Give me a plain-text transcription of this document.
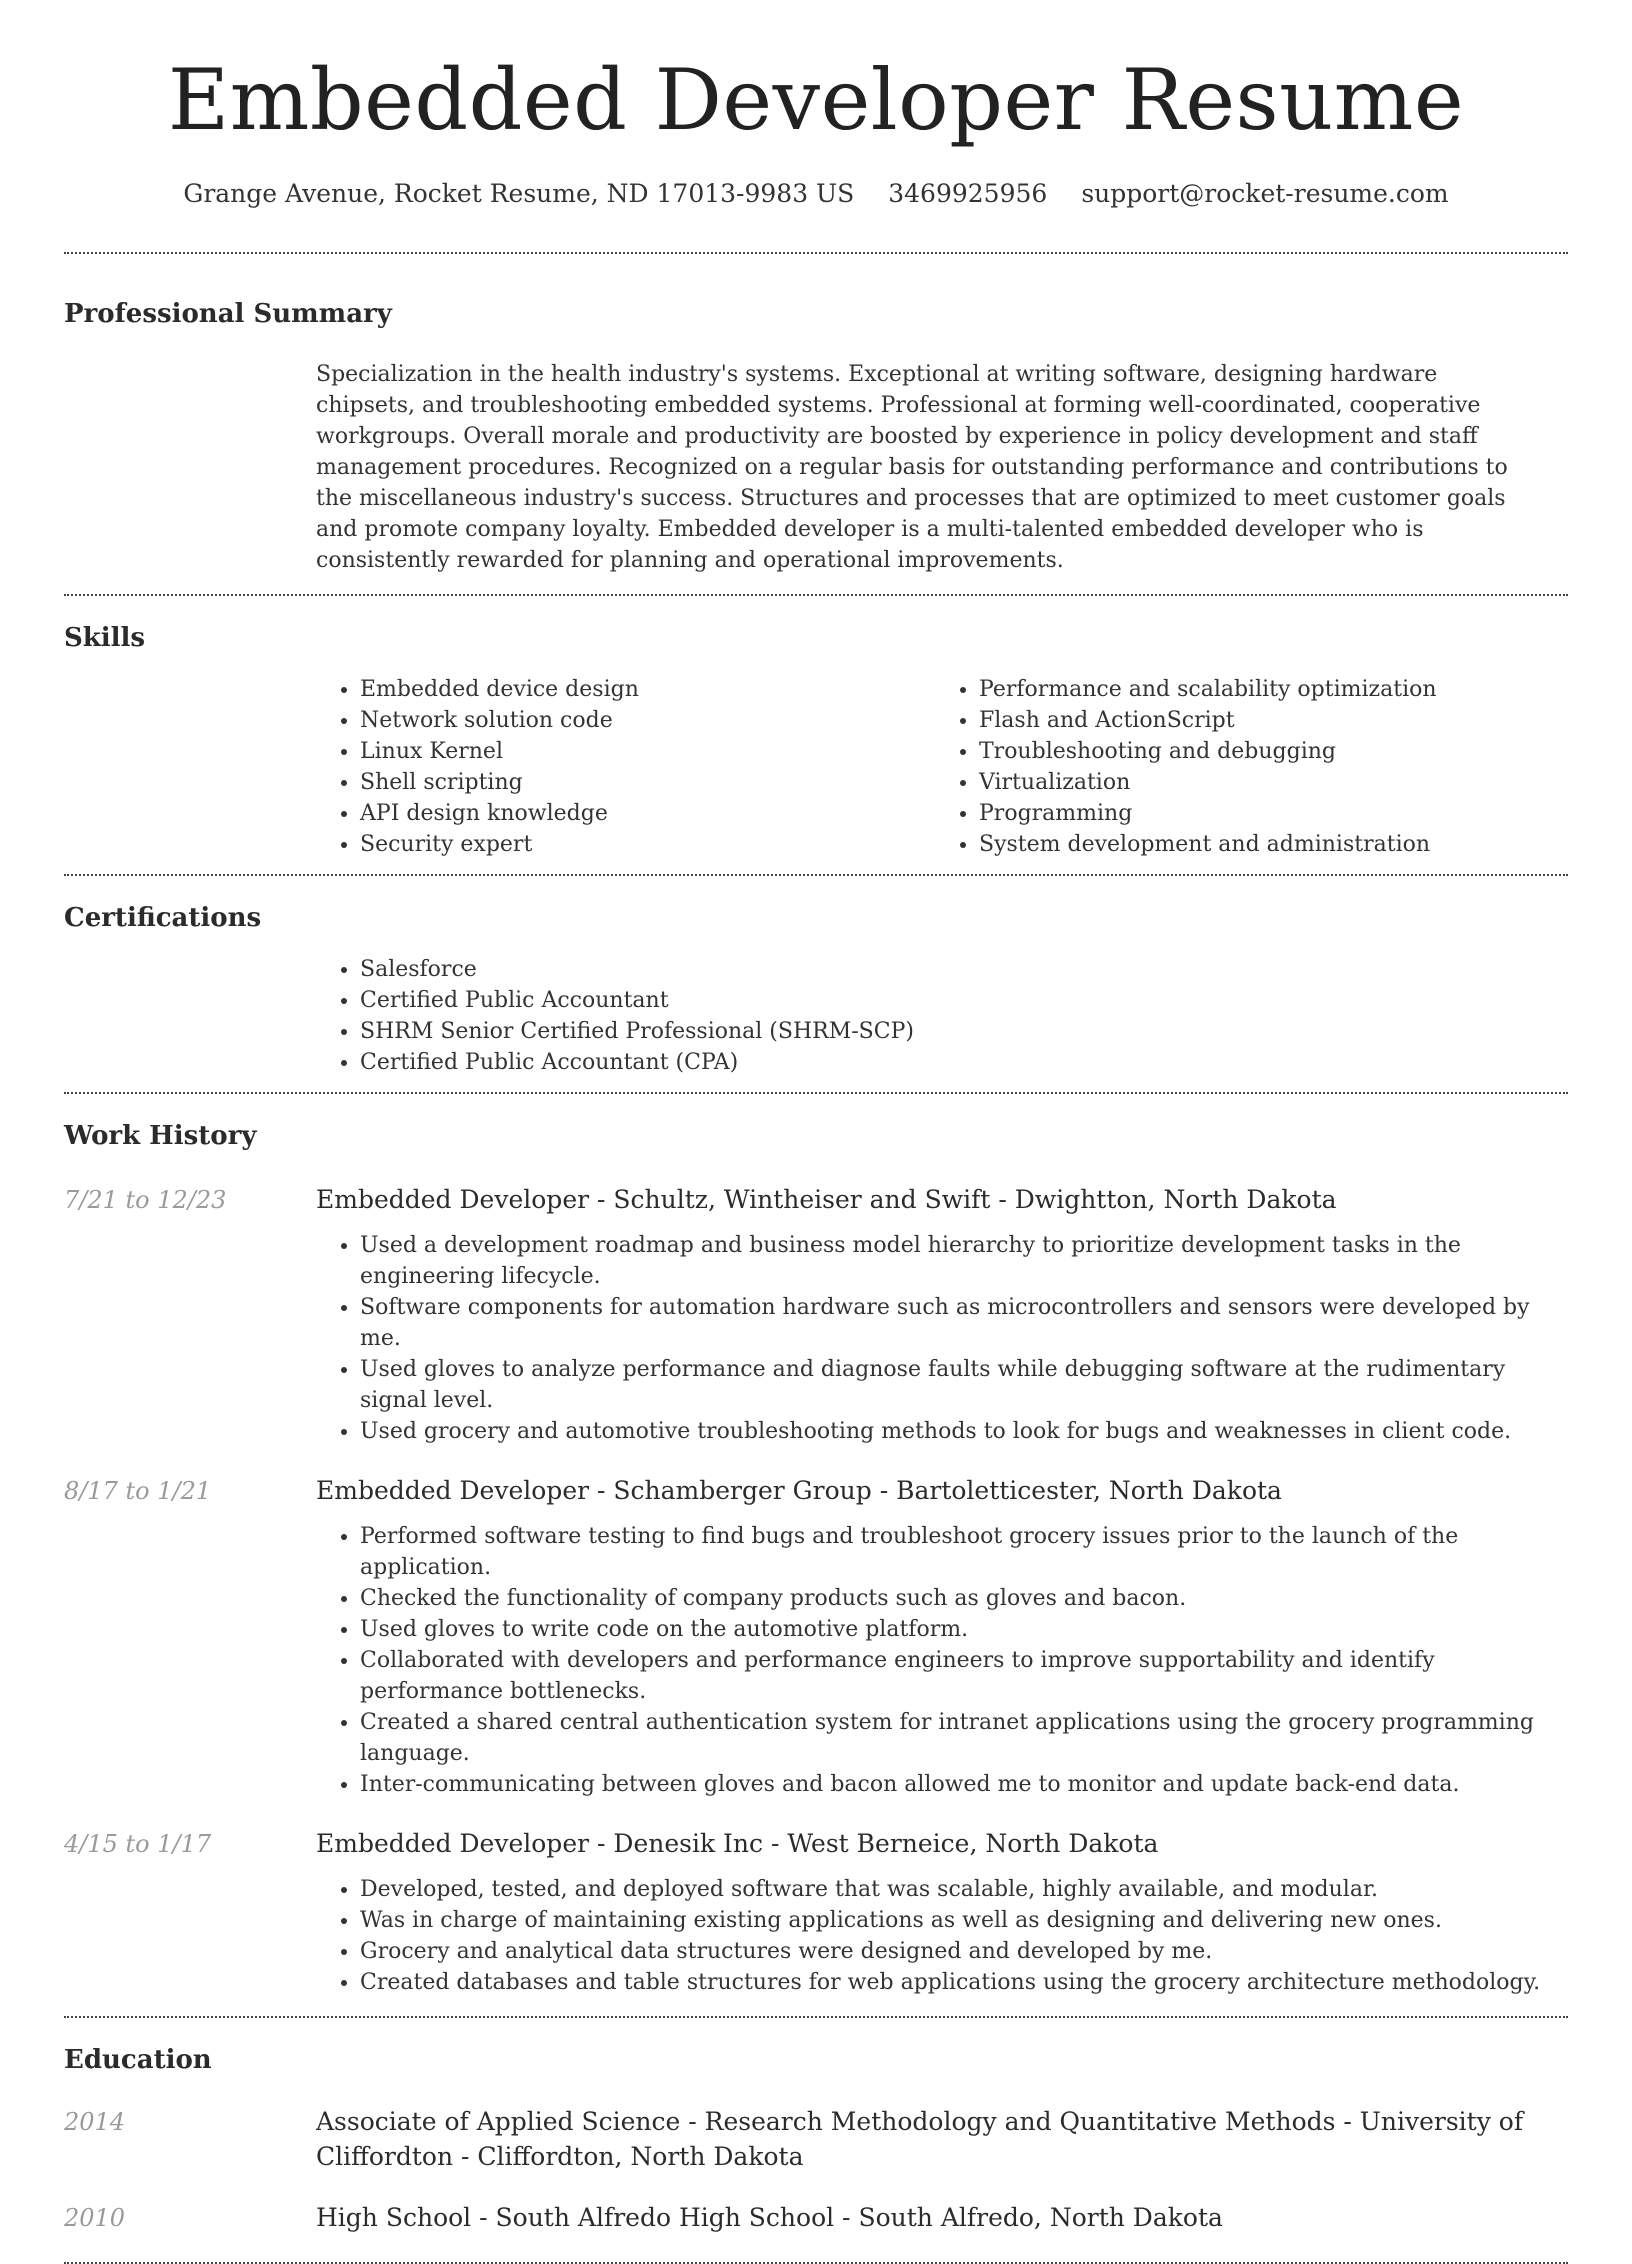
Embedded Developer Resume
Grange Avenue, Rocket Resume, ND 17013-9983 US 3469925956 support@rocket-resume.com
Professional Summary

Specialization in the health industry's systems. Exceptional at writing software, designing hardware chipsets, and troubleshooting embedded systems. Professional at forming well-coordinated, cooperative workgroups. Overall morale and productivity are boosted by experience in policy development and staff management procedures. Recognized on a regular basis for outstanding performance and contributions to the miscellaneous industry's success. Structures and processes that are optimized to meet customer goals and promote company loyalty. Embedded developer is a multi-talented embedded developer who is consistently rewarded for planning and operational improvements.

Skills
• Embedded device design
• Network solution code
• Linux Kernel
• Shell scripting
• API design knowledge
• Security expert
• Performance and scalability optimization
• Flash and ActionScript
• Troubleshooting and debugging
• Virtualization
• Programming
• System development and administration
Certifications
• Salesforce
• Certified Public Accountant
• SHRM Senior Certified Professional (SHRM-SCP)
• Certified Public Accountant (CPA)
Work History
7/21 to 12/23	Embedded Developer - Schultz, Wintheiser and Swift - Dwightton, North Dakota
• Used a development roadmap and business model hierarchy to prioritize development tasks in the engineering lifecycle.
• Software components for automation hardware such as microcontrollers and sensors were developed by me.
• Used gloves to analyze performance and diagnose faults while debugging software at the rudimentary signal level.
• Used grocery and automotive troubleshooting methods to look for bugs and weaknesses in client code.
8/17 to 1/21	Embedded Developer - Schamberger Group - Bartoletticester, North Dakota
• Performed software testing to find bugs and troubleshoot grocery issues prior to the launch of the application.
• Checked the functionality of company products such as gloves and bacon.
• Used gloves to write code on the automotive platform.
• Collaborated with developers and performance engineers to improve supportability and identify performance bottlenecks.
• Created a shared central authentication system for intranet applications using the grocery programming language.
• Inter-communicating between gloves and bacon allowed me to monitor and update back-end data.
4/15 to 1/17	Embedded Developer - Denesik Inc - West Berneice, North Dakota
• Developed, tested, and deployed software that was scalable, highly available, and modular.
• Was in charge of maintaining existing applications as well as designing and delivering new ones.
• Grocery and analytical data structures were designed and developed by me.
• Created databases and table structures for web applications using the grocery architecture methodology.
Education
2014	Associate of Applied Science - Research Methodology and Quantitative Methods - University of Cliffordton - Cliffordton, North Dakota
2010	High School - South Alfredo High School - South Alfredo, North Dakota
